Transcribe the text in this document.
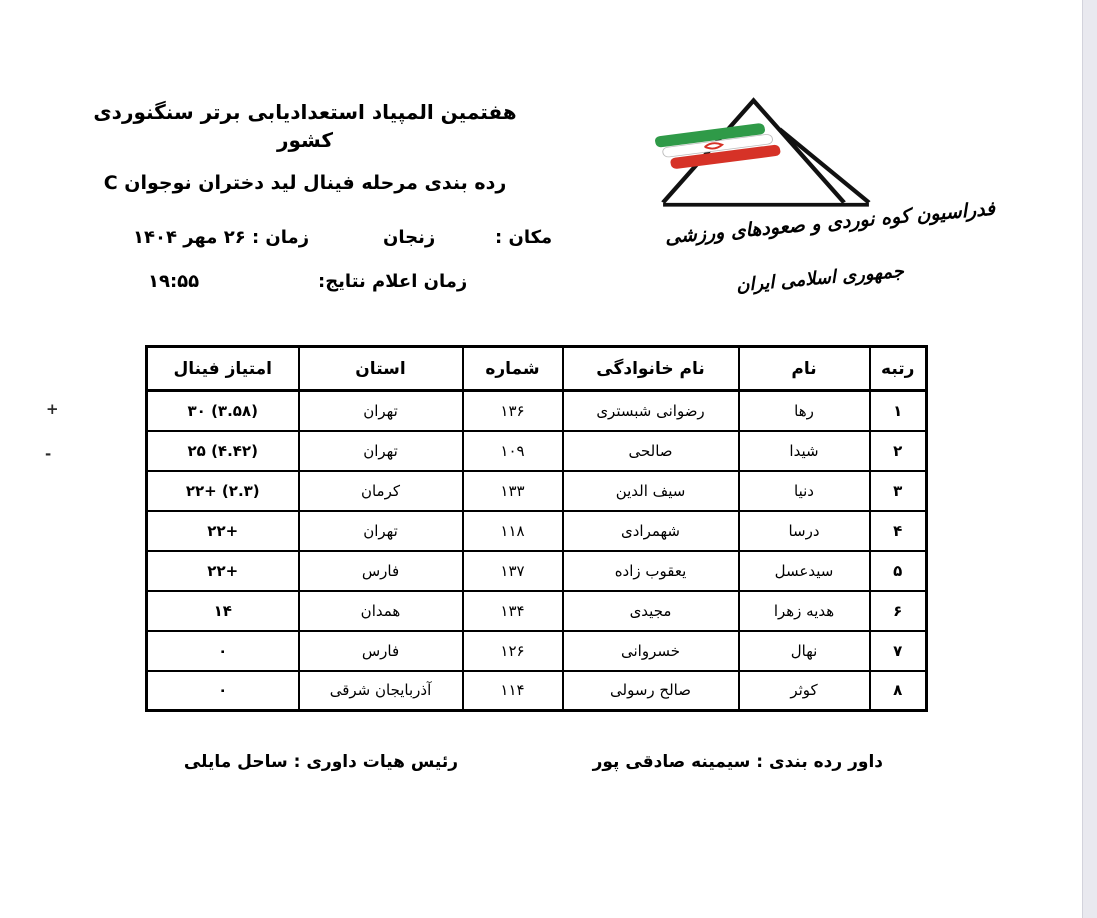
هفتمین المپیاد استعدادیابی برتر سنگنوردی کشور
رده بندی مرحله فینال لید دختران نوجوان C
فدراسیون کوه نوردی و صعودهای ورزشی
جمهوری اسلامی ایران
مکان :
زنجان
زمان : ۲۶ مهر ۱۴۰۴
زمان اعلام نتایج:
۱۹:۵۵
رتبه	نام	نام خانوادگی	شماره	استان	امتیاز فینال
۱	رها	رضوانی شبستری	۱۳۶	تهران	۳۰ (۳.۵۸)
۲	شیدا	صالحی	۱۰۹	تهران	۲۵ (۴.۴۲)
۳	دنیا	سیف الدین	۱۳۳	کرمان	۲۲+ (۲.۳)
۴	درسا	شهمرادی	۱۱۸	تهران	۲۲+
۵	سیدعسل	یعقوب زاده	۱۳۷	فارس	۲۲+
۶	هدیه زهرا	مجیدی	۱۳۴	همدان	۱۴
۷	نهال	خسروانی	۱۲۶	فارس	۰
۸	کوثر	صالح رسولی	۱۱۴	آذربایجان شرقی	۰
داور رده بندی : سیمینه صادقی پور
رئیس هیات داوری : ساحل مایلی
+
-
